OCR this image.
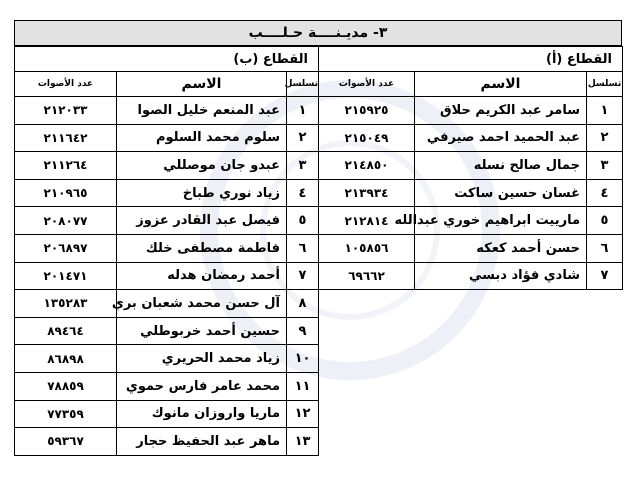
٣- مديـنــــة حـلــــب
القطاع (ب)		
تسلسل	الاسم	عدد الأصوات
١	عبد المنعم خليل الصوا	٢١٢٠٣٣
٢	سلوم محمد السلوم	٢١١٦٤٢
٣	عبدو جان موصللي	٢١١٢٦٤
٤	زياد نوري طباخ	٢١٠٩٦٥
٥	فيصل عبد القادر عزوز	٢٠٨٠٧٧
٦	فاطمة مصطفى خلك	٢٠٦٨٩٧
٧	أحمد رمضان هدله	٢٠١٤٧١
٨	آل حسن محمد شعبان بري	١٣٥٢٨٣
٩	حسين أحمد خربوطلي	٨٩٤٦٤
١٠	زياد محمد الحريري	٨٦٨٩٨
١١	محمد عامر فارس حموي	٧٨٨٥٩
١٢	ماريا واروزان مانوك	٧٧٣٥٩
١٣	ماهر عبد الحفيظ حجار	٥٩٣٦٧
القطاع (أ)		
تسلسل	الاسم	عدد الأصوات
١	سامر عبد الكريم حلاق	٢١٥٩٢٥
٢	عبد الحميد احمد صيرفي	٢١٥٠٤٩
٣	جمال صالح نسله	٢١٤٨٥٠
٤	غسان حسين ساكت	٢١٣٩٣٤
٥	مارييت ابراهيم خوري عبدالله	٢١٢٨١٤
٦	حسن أحمد كعكه	١٠٥٨٥٦
٧	شادي فؤاد دبسي	٦٩٦٦٢
